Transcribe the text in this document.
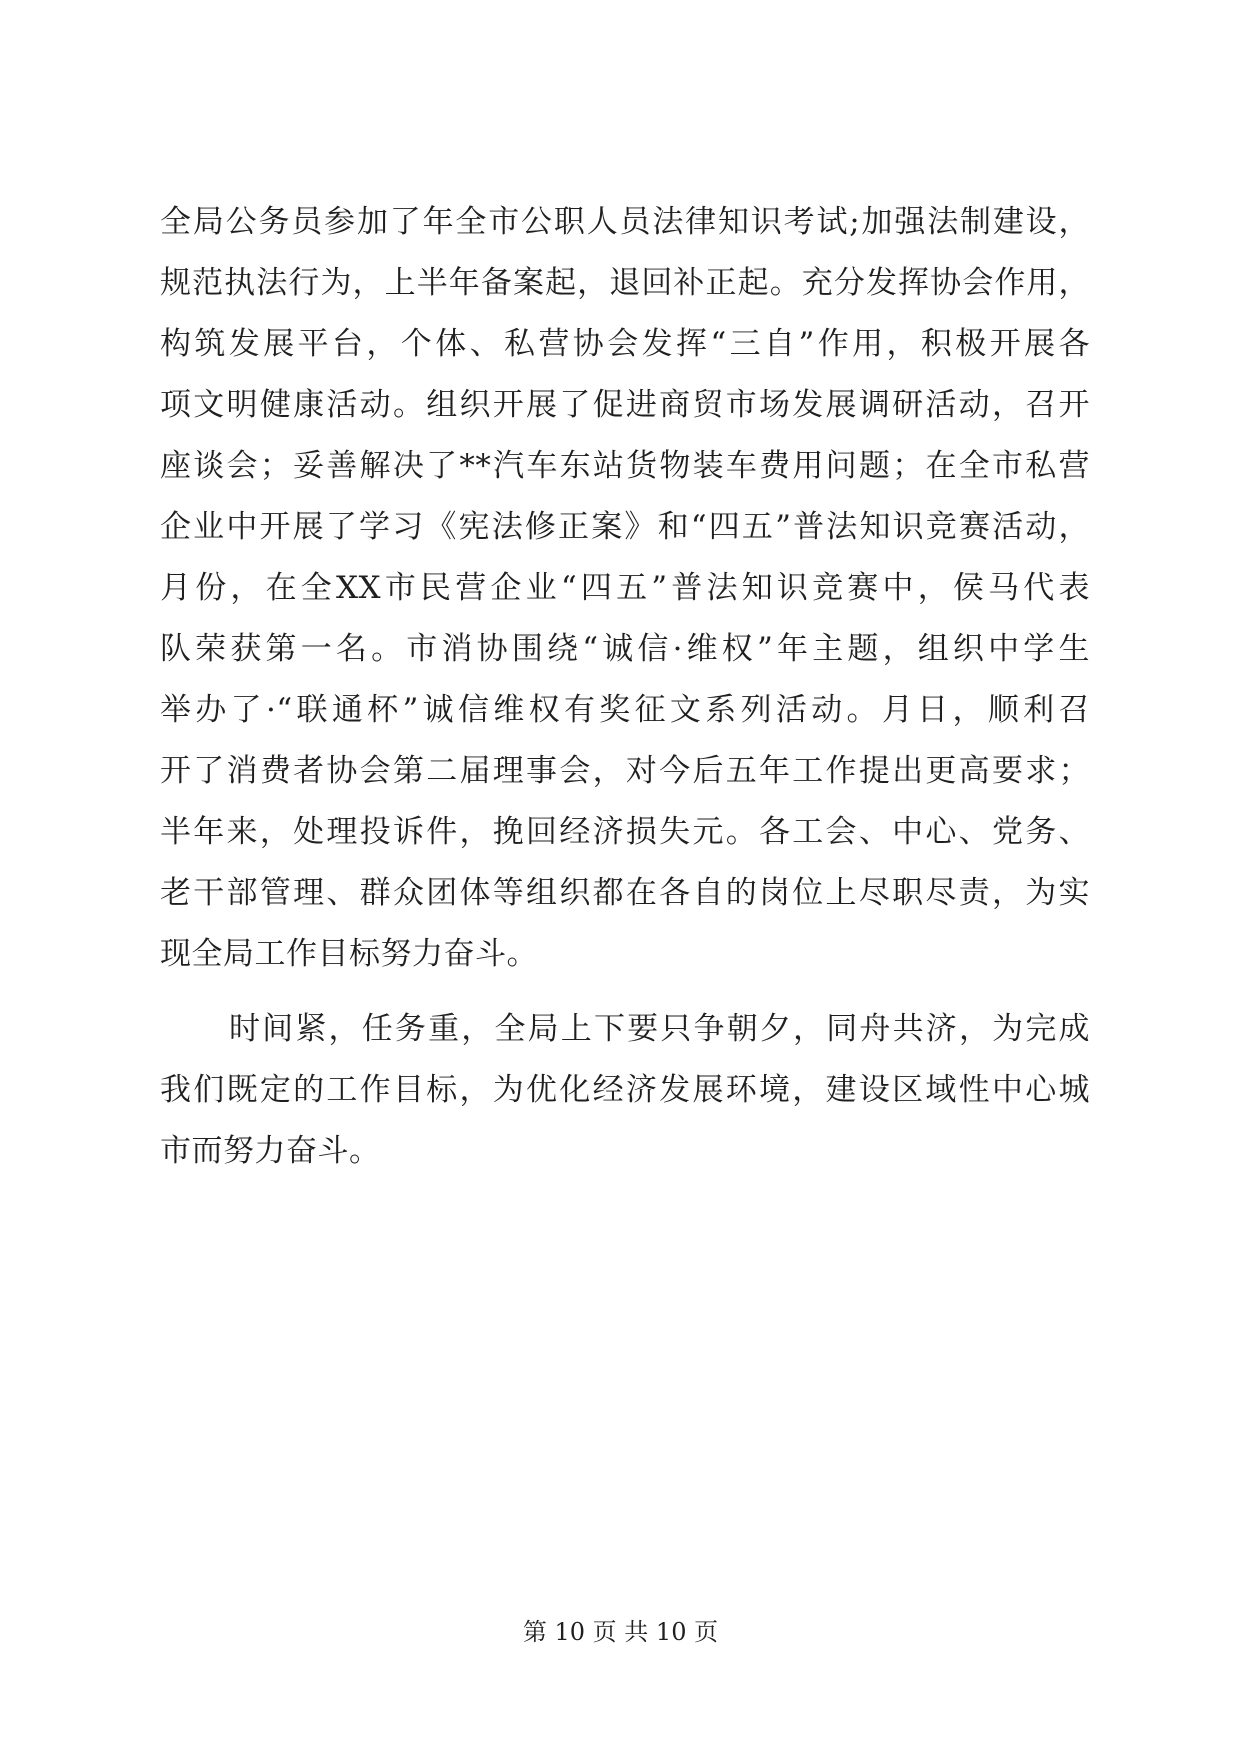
全局公务员参加了年全市公职人员法律知识考试;加强法制建设，
规范执法行为，上半年备案起，退回补正起。充分发挥协会作用，
构筑发展平台，个体、私营协会发挥“三自”作用，积极开展各
项文明健康活动。组织开展了促进商贸市场发展调研活动，召开
座谈会；妥善解决了**汽车东站货物装车费用问题；在全市私营
企业中开展了学习《宪法修正案》和“四五”普法知识竞赛活动，
月份，在全XX市民营企业“四五”普法知识竞赛中，侯马代表
队荣获第一名。市消协围绕“诚信·维权”年主题，组织中学生
举办了·“联通杯”诚信维权有奖征文系列活动。月日，顺利召
开了消费者协会第二届理事会，对今后五年工作提出更高要求；
半年来，处理投诉件，挽回经济损失元。各工会、中心、党务、
老干部管理、群众团体等组织都在各自的岗位上尽职尽责，为实
现全局工作目标努力奋斗。
时间紧，任务重，全局上下要只争朝夕，同舟共济，为完成
我们既定的工作目标，为优化经济发展环境，建设区域性中心城
市而努力奋斗。
第 10 页 共 10 页
